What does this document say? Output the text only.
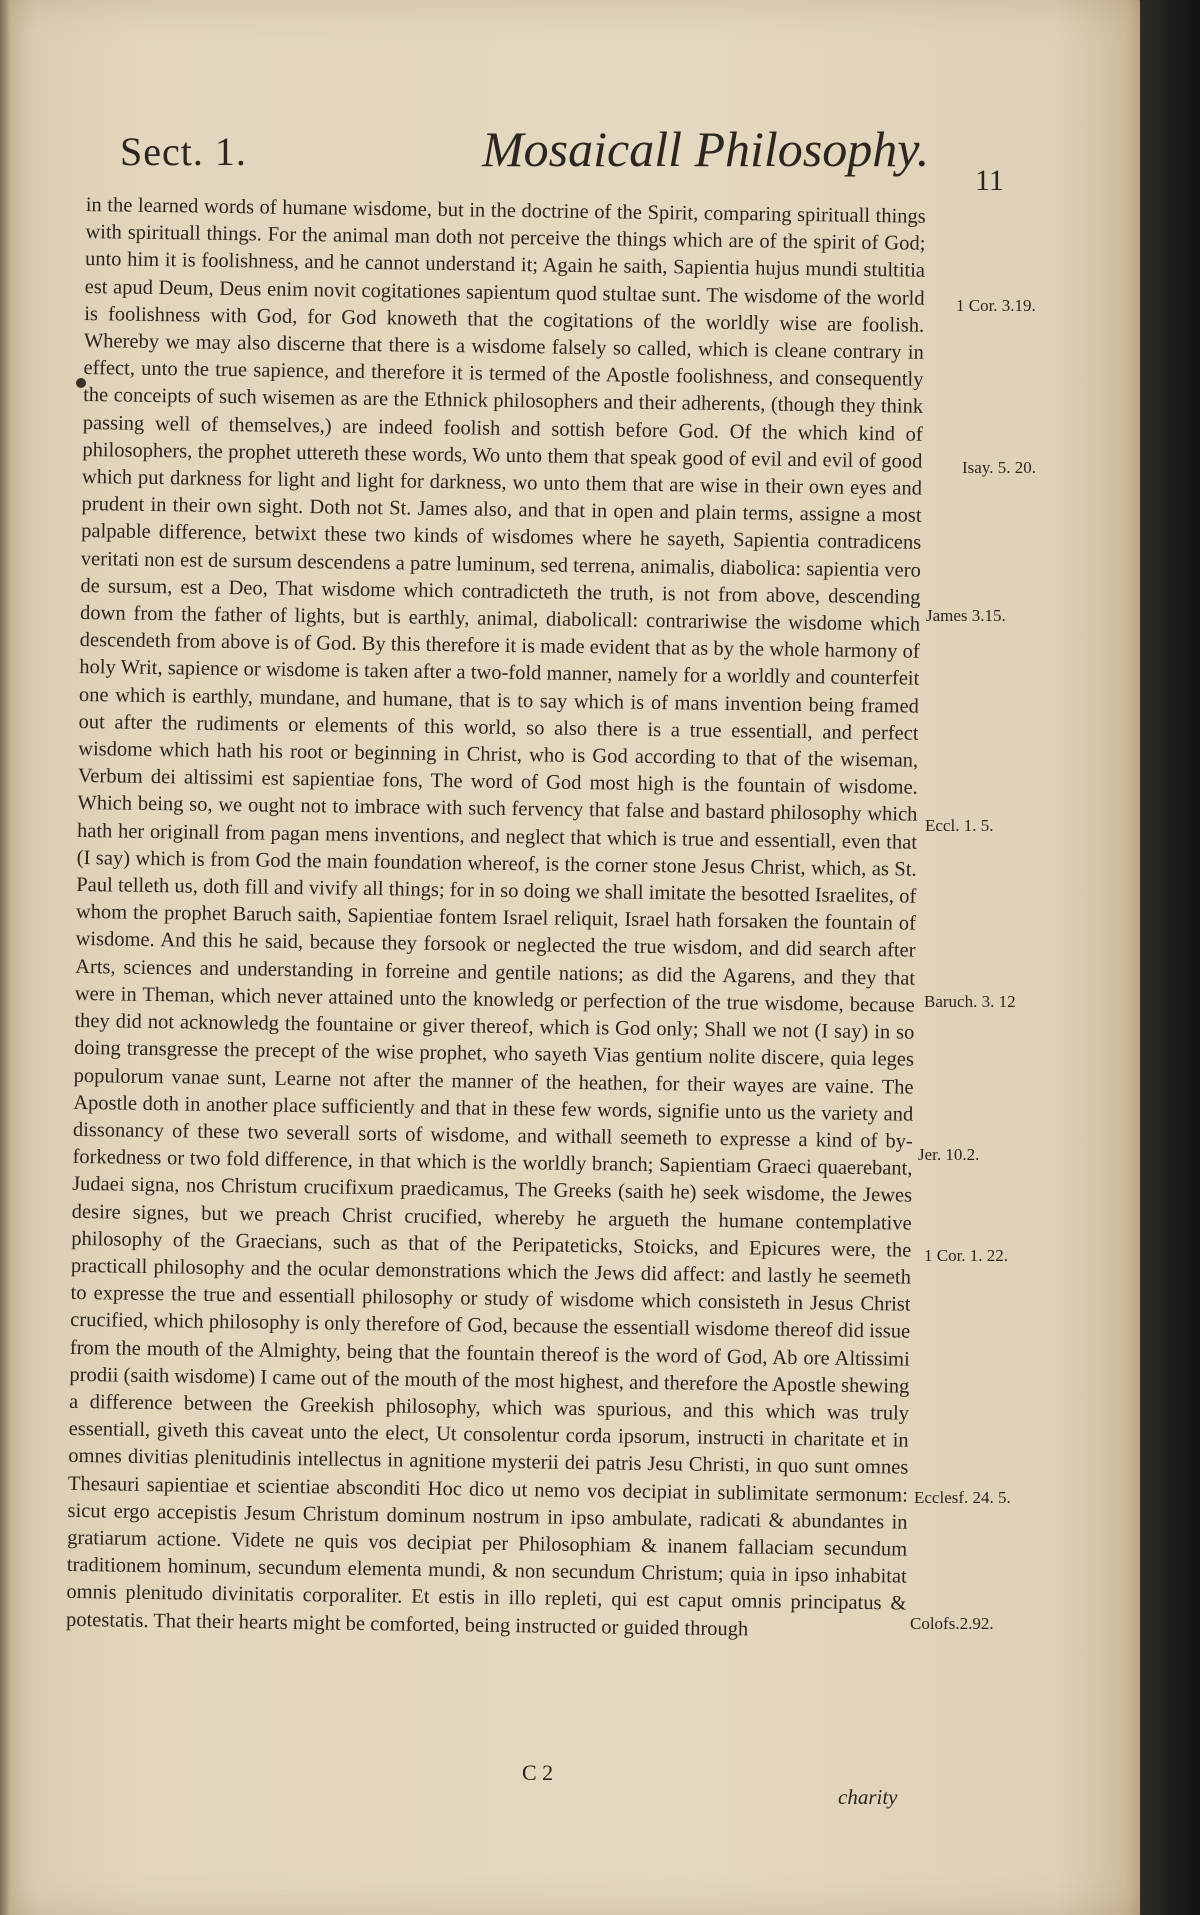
Sect. 1.	Mosaicall Philosophy.
11

in the learned words of humane wisdome, but in the doctrine of the Spirit, comparing spirituall things with spirituall things. For the animal man doth not perceive the things which are of the spirit of God; unto him it is foolishness, and he cannot understand it; Again he saith, Sapientia hujus mundi stultitia est apud Deum, Deus enim novit cogitationes sapientum quod stultae sunt. The wisdome of the world is foolishness with God, for God knoweth that the cogitations of the worldly wise are foolish. Whereby we may also discerne that there is a wisdome falsely so called, which is cleane contrary in effect, unto the true sapience, and therefore it is termed of the Apostle foolishness, and consequently the conceipts of such wisemen as are the Ethnick philosophers and their adherents, (though they think passing well of themselves,) are indeed foolish and sottish before God. Of the which kind of philosophers, the prophet uttereth these words, Wo unto them that speak good of evil and evil of good which put darkness for light and light for darkness, wo unto them that are wise in their own eyes and prudent in their own sight. Doth not St. James also, and that in open and plain terms, assigne a most palpable difference, betwixt these two kinds of wisdomes where he sayeth, Sapientia contradicens veritati non est de sursum descendens a patre luminum, sed terrena, animalis, diabolica: sapientia vero de sursum, est a Deo, That wisdome which contradicteth the truth, is not from above, descending down from the father of lights, but is earthly, animal, diabolicall: contrariwise the wisdome which descendeth from above is of God. By this therefore it is made evident that as by the whole harmony of holy Writ, sapience or wisdome is taken after a two-fold manner, namely for a worldly and counterfeit one which is earthly, mundane, and humane, that is to say which is of mans invention being framed out after the rudiments or elements of this world, so also there is a true essentiall, and perfect wisdome which hath his root or beginning in Christ, who is God according to that of the wiseman, Verbum dei altissimi est sapientiae fons, The word of God most high is the fountain of wisdome. Which being so, we ought not to imbrace with such fervency that false and bastard philosophy which hath her originall from pagan mens inventions, and neglect that which is true and essentiall, even that (I say) which is from God the main foundation whereof, is the corner stone Jesus Christ, which, as St. Paul telleth us, doth fill and vivify all things; for in so doing we shall imitate the besotted Israelites, of whom the prophet Baruch saith, Sapientiae fontem Israel reliquit, Israel hath forsaken the fountain of wisdome. And this he said, because they forsook or neglected the true wisdom, and did search after Arts, sciences and understanding in forreine and gentile nations; as did the Agarens, and they that were in Theman, which never attained unto the knowledg or perfection of the true wisdome, because they did not acknowledg the fountaine or giver thereof, which is God only; Shall we not (I say) in so doing transgresse the precept of the wise prophet, who sayeth Vias gentium nolite discere, quia leges populorum vanae sunt, Learne not after the manner of the heathen, for their wayes are vaine. The Apostle doth in another place sufficiently and that in these few words, signifie unto us the variety and dissonancy of these two severall sorts of wisdome, and withall seemeth to expresse a kind of by-forkedness or two fold difference, in that which is the worldly branch; Sapientiam Graeci quaerebant, Judaei signa, nos Christum crucifixum praedicamus, The Greeks (saith he) seek wisdome, the Jewes desire signes, but we preach Christ crucified, whereby he argueth the humane contemplative philosophy of the Graecians, such as that of the Peripateticks, Stoicks, and Epicures were, the practicall philosophy and the ocular demonstrations which the Jews did affect: and lastly he seemeth to expresse the true and essentiall philosophy or study of wisdome which consisteth in Jesus Christ crucified, which philosophy is only therefore of God, because the essentiall wisdome thereof did issue from the mouth of the Almighty, being that the fountain thereof is the word of God, Ab ore Altissimi prodii (saith wisdome) I came out of the mouth of the most highest, and therefore the Apostle shewing a difference between the Greekish philosophy, which was spurious, and this which was truly essentiall, giveth this caveat unto the elect, Ut consolentur corda ipsorum, instructi in charitate et in omnes divitias plenitudinis intellectus in agnitione mysterii dei patris Jesu Christi, in quo sunt omnes Thesauri sapientiae et scientiae absconditi Hoc dico ut nemo vos decipiat in sublimitate sermonum: sicut ergo accepistis Jesum Christum dominum nostrum in ipso ambulate, radicati & abundantes in gratiarum actione. Videte ne quis vos decipiat per Philosophiam & inanem fallaciam secundum traditionem hominum, secundum elementa mundi, & non secundum Christum; quia in ipso inhabitat omnis plenitudo divinitatis corporaliter. Et estis in illo repleti, qui est caput omnis principatus & potestatis. That their hearts might be comforted, being instructed or guided through

1 Cor. 3.19.
Isay. 5. 20.
James 3.15.
Eccl. 1. 5.
Baruch. 3. 12
Jer. 10.2.
1 Cor. 1. 22.
Ecclesf. 24. 5.
Colofs.2.92.
C 2
charity
